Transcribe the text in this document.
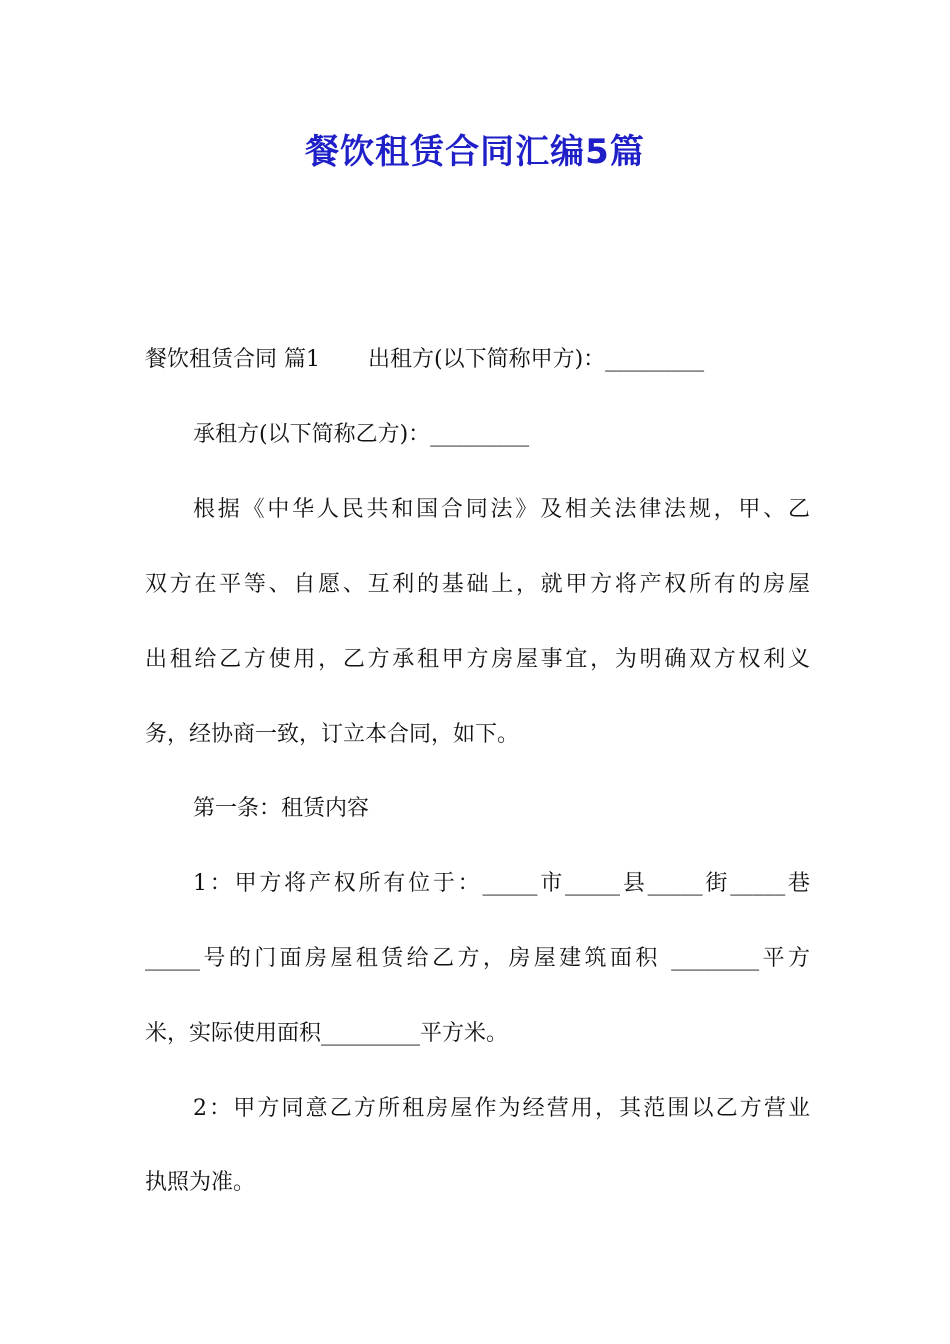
餐饮租赁合同汇编5篇
餐饮租赁合同 篇1 出租方(以下简称甲方)：_________
承租方(以下简称乙方)：_________
根据《中华人民共和国合同法》及相关法律法规，甲、乙
双方在平等、自愿、互利的基础上，就甲方将产权所有的房屋
出租给乙方使用，乙方承租甲方房屋事宜，为明确双方权利义
务，经协商一致，订立本合同，如下。
第一条：租赁内容
1：甲方将产权所有位于：_____市_____县_____街_____巷
_____号的门面房屋租赁给乙方，房屋建筑面积 ________平方
米，实际使用面积_________平方米。
2：甲方同意乙方所租房屋作为经营用，其范围以乙方营业
执照为准。
